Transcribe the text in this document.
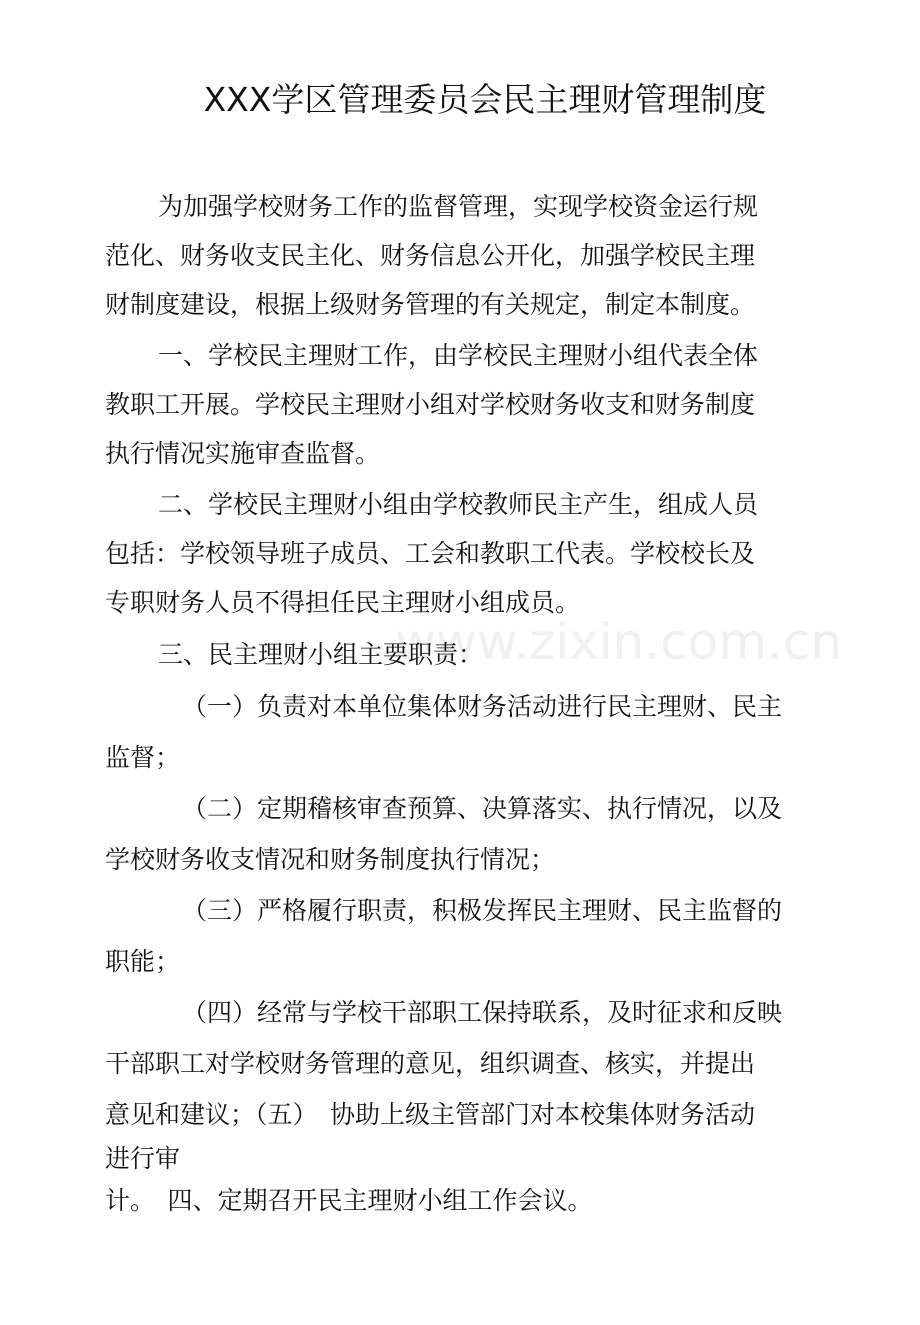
www.zixin.com.cn
XXX学区管理委员会民主理财管理制度
为加强学校财务工作的监督管理，实现学校资金运行规
范化、财务收支民主化、财务信息公开化，加强学校民主理
财制度建设，根据上级财务管理的有关规定，制定本制度。
一、学校民主理财工作，由学校民主理财小组代表全体
教职工开展。学校民主理财小组对学校财务收支和财务制度
执行情况实施审查监督。
二、学校民主理财小组由学校教师民主产生，组成人员
包括：学校领导班子成员、工会和教职工代表。学校校长及
专职财务人员不得担任民主理财小组成员。
三、民主理财小组主要职责：
（一）负责对本单位集体财务活动进行民主理财、民主
监督；
（二）定期稽核审查预算、决算落实、执行情况，以及
学校财务收支情况和财务制度执行情况；
（三）严格履行职责，积极发挥民主理财、民主监督的
职能；
（四）经常与学校干部职工保持联系，及时征求和反映
干部职工对学校财务管理的意见，组织调查、核实，并提出
意见和建议；（五）　协助上级主管部门对本校集体财务活动
进行审
计。　四、定期召开民主理财小组工作会议。
